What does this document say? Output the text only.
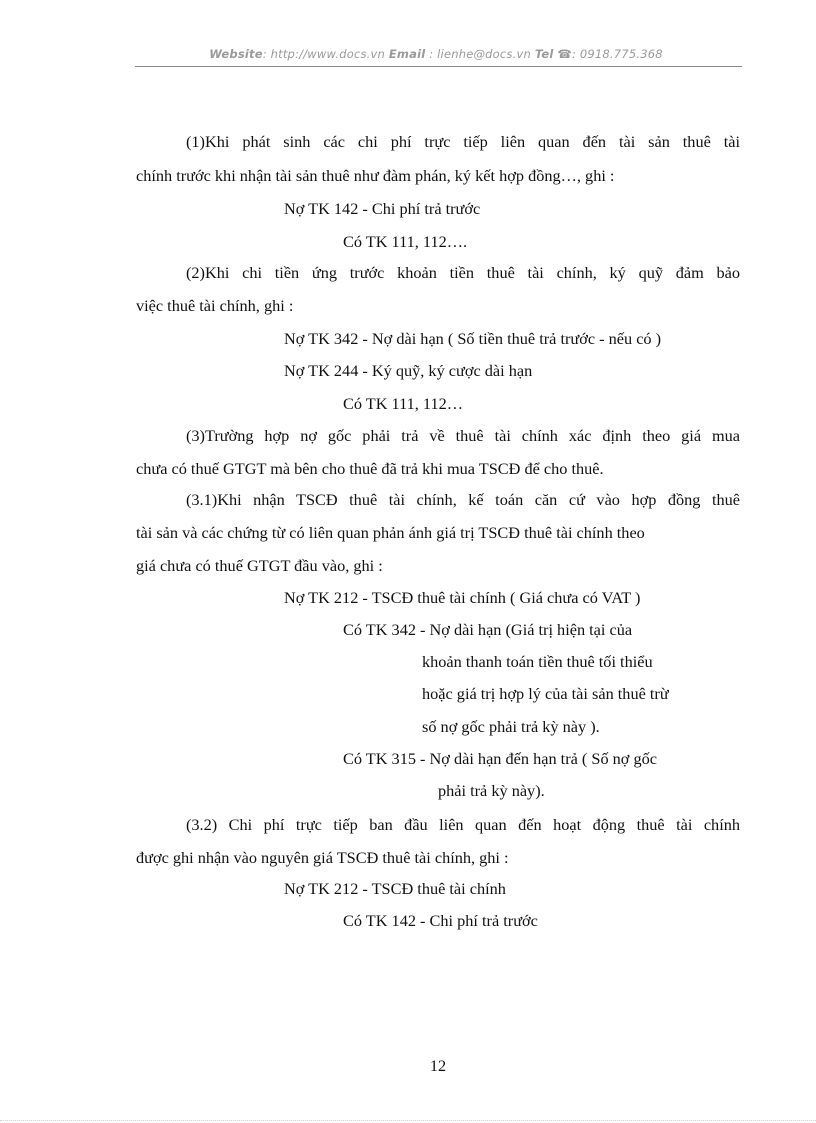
Website: http://www.docs.vn Email : lienhe@docs.vn Tel ☎: 0918.775.368
(1)Khi phát sinh các chi phí trực tiếp liên quan đến tài sản thuê tài
chính trước khi nhận tài sản thuê như đàm phán, ký kết hợp đồng…, ghi :
Nợ TK 142 - Chi phí trả trước
Có TK 111, 112….
(2)Khi chi tiền ứng trước khoản tiền thuê tài chính, ký quỹ đảm bảo
việc thuê tài chính, ghi :
Nợ TK 342 - Nợ dài hạn ( Số tiền thuê trả trước - nếu có )
Nợ TK 244 - Ký quỹ, ký cược dài hạn
Có TK 111, 112…
(3)Trường hợp nợ gốc phải trả về thuê tài chính xác định theo giá mua
chưa có thuế GTGT mà bên cho thuê đã trả khi mua TSCĐ để cho thuê.
(3.1)Khi nhận TSCĐ thuê tài chính, kế toán căn cứ vào hợp đồng thuê
tài sản và các chứng từ có liên quan phản ánh giá trị TSCĐ thuê tài chính theo
giá chưa có thuế GTGT đầu vào, ghi :
Nợ TK 212 - TSCĐ thuê tài chính ( Giá chưa có VAT )
Có TK 342 - Nợ dài hạn (Giá trị hiện tại của
khoản thanh toán tiền thuê tối thiểu
hoặc giá trị hợp lý của tài sản thuê trừ
số nợ gốc phải trả kỳ này ).
Có TK 315 - Nợ dài hạn đến hạn trả ( Số nợ gốc
phải trả kỳ này).
(3.2) Chi phí trực tiếp ban đầu liên quan đến hoạt động thuê tài chính
được ghi nhận vào nguyên giá TSCĐ thuê tài chính, ghi :
Nợ TK 212 - TSCĐ thuê tài chính
Có TK 142 - Chi phí trả trước
12
